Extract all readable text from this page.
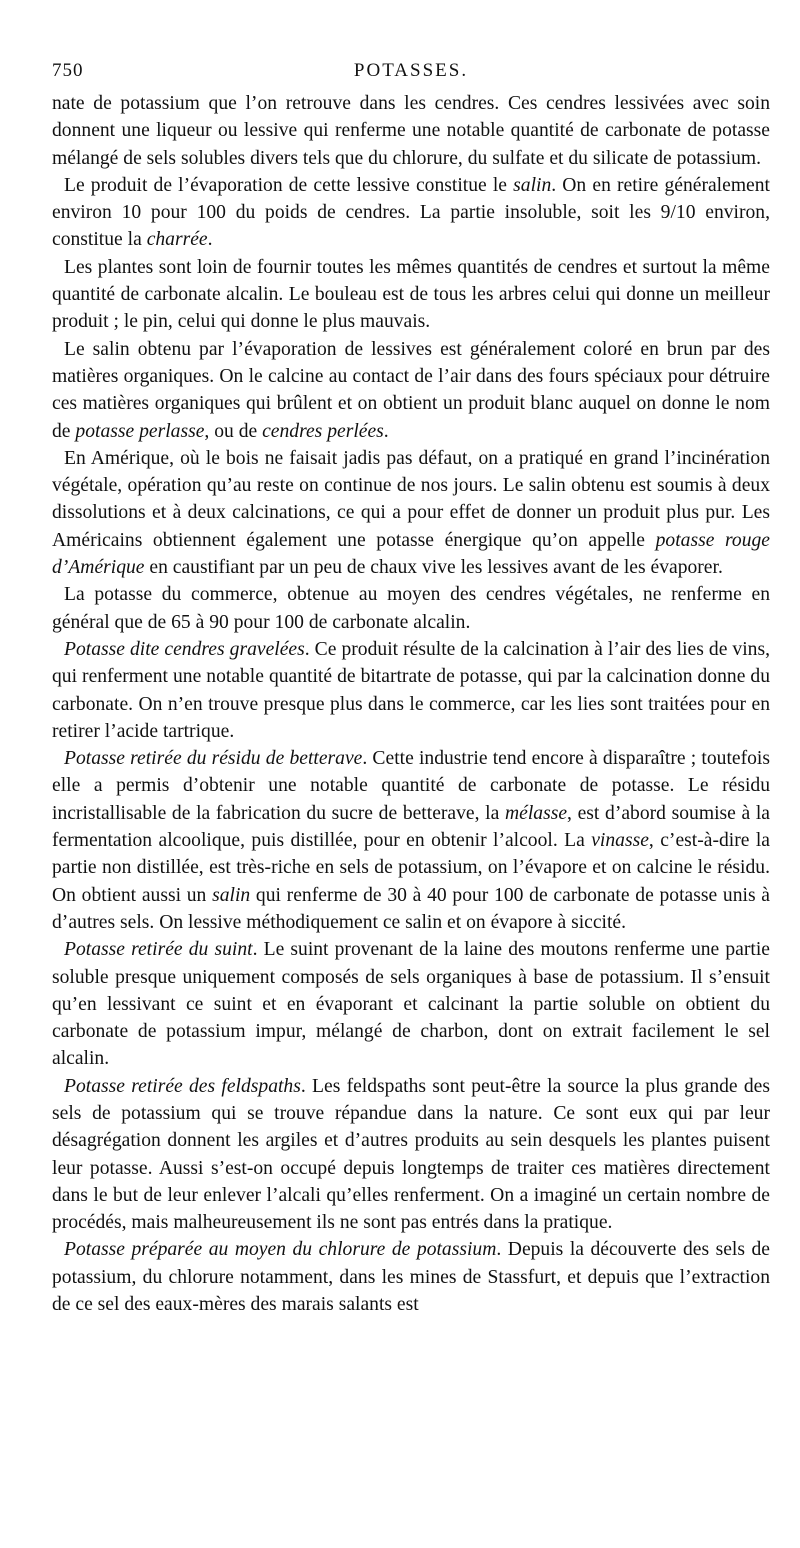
750	POTASSES.

nate de potassium que l’on retrouve dans les cendres. Ces cendres lessivées avec soin donnent une liqueur ou lessive qui renferme une notable quantité de carbonate de potasse mélangé de sels solubles divers tels que du chlorure, du sulfate et du silicate de potassium.

Le produit de l’évaporation de cette lessive constitue le salin. On en retire généralement environ 10 pour 100 du poids de cendres. La partie insoluble, soit les 9/10 environ, constitue la charrée.

Les plantes sont loin de fournir toutes les mêmes quantités de cendres et surtout la même quantité de carbonate alcalin. Le bouleau est de tous les arbres celui qui donne un meilleur produit ; le pin, celui qui donne le plus mauvais.

Le salin obtenu par l’évaporation de lessives est généralement coloré en brun par des matières organiques. On le calcine au contact de l’air dans des fours spéciaux pour détruire ces matières organiques qui brûlent et on obtient un produit blanc auquel on donne le nom de potasse perlasse, ou de cendres perlées.

En Amérique, où le bois ne faisait jadis pas défaut, on a pratiqué en grand l’incinération végétale, opération qu’au reste on continue de nos jours. Le salin obtenu est soumis à deux dissolutions et à deux calcinations, ce qui a pour effet de donner un produit plus pur. Les Américains obtiennent également une potasse énergique qu’on appelle potasse rouge d’Amérique en caustifiant par un peu de chaux vive les lessives avant de les évaporer.

La potasse du commerce, obtenue au moyen des cendres végétales, ne renferme en général que de 65 à 90 pour 100 de carbonate alcalin.

Potasse dite cendres gravelées. Ce produit résulte de la calcination à l’air des lies de vins, qui renferment une notable quantité de bitartrate de potasse, qui par la calcination donne du carbonate. On n’en trouve presque plus dans le commerce, car les lies sont traitées pour en retirer l’acide tartrique.

Potasse retirée du résidu de betterave. Cette industrie tend encore à disparaître ; toutefois elle a permis d’obtenir une notable quantité de carbonate de potasse. Le résidu incristallisable de la fabrication du sucre de betterave, la mélasse, est d’abord soumise à la fermentation alcoolique, puis distillée, pour en obtenir l’alcool. La vinasse, c’est-à-dire la partie non distillée, est très-riche en sels de potassium, on l’évapore et on calcine le résidu. On obtient aussi un salin qui renferme de 30 à 40 pour 100 de carbonate de potasse unis à d’autres sels. On lessive méthodiquement ce salin et on évapore à siccité.

Potasse retirée du suint. Le suint provenant de la laine des moutons renferme une partie soluble presque uniquement composés de sels organiques à base de potassium. Il s’ensuit qu’en lessivant ce suint et en évaporant et calcinant la partie soluble on obtient du carbonate de potassium impur, mélangé de charbon, dont on extrait facilement le sel alcalin.

Potasse retirée des feldspaths. Les feldspaths sont peut-être la source la plus grande des sels de potassium qui se trouve répandue dans la nature. Ce sont eux qui par leur désagrégation donnent les argiles et d’autres produits au sein desquels les plantes puisent leur potasse. Aussi s’est-on occupé depuis longtemps de traiter ces matières directement dans le but de leur enlever l’alcali qu’elles renferment. On a imaginé un certain nombre de procédés, mais malheureusement ils ne sont pas entrés dans la pratique.

Potasse préparée au moyen du chlorure de potassium. Depuis la découverte des sels de potassium, du chlorure notamment, dans les mines de Stassfurt, et depuis que l’extraction de ce sel des eaux-mères des marais salants est
